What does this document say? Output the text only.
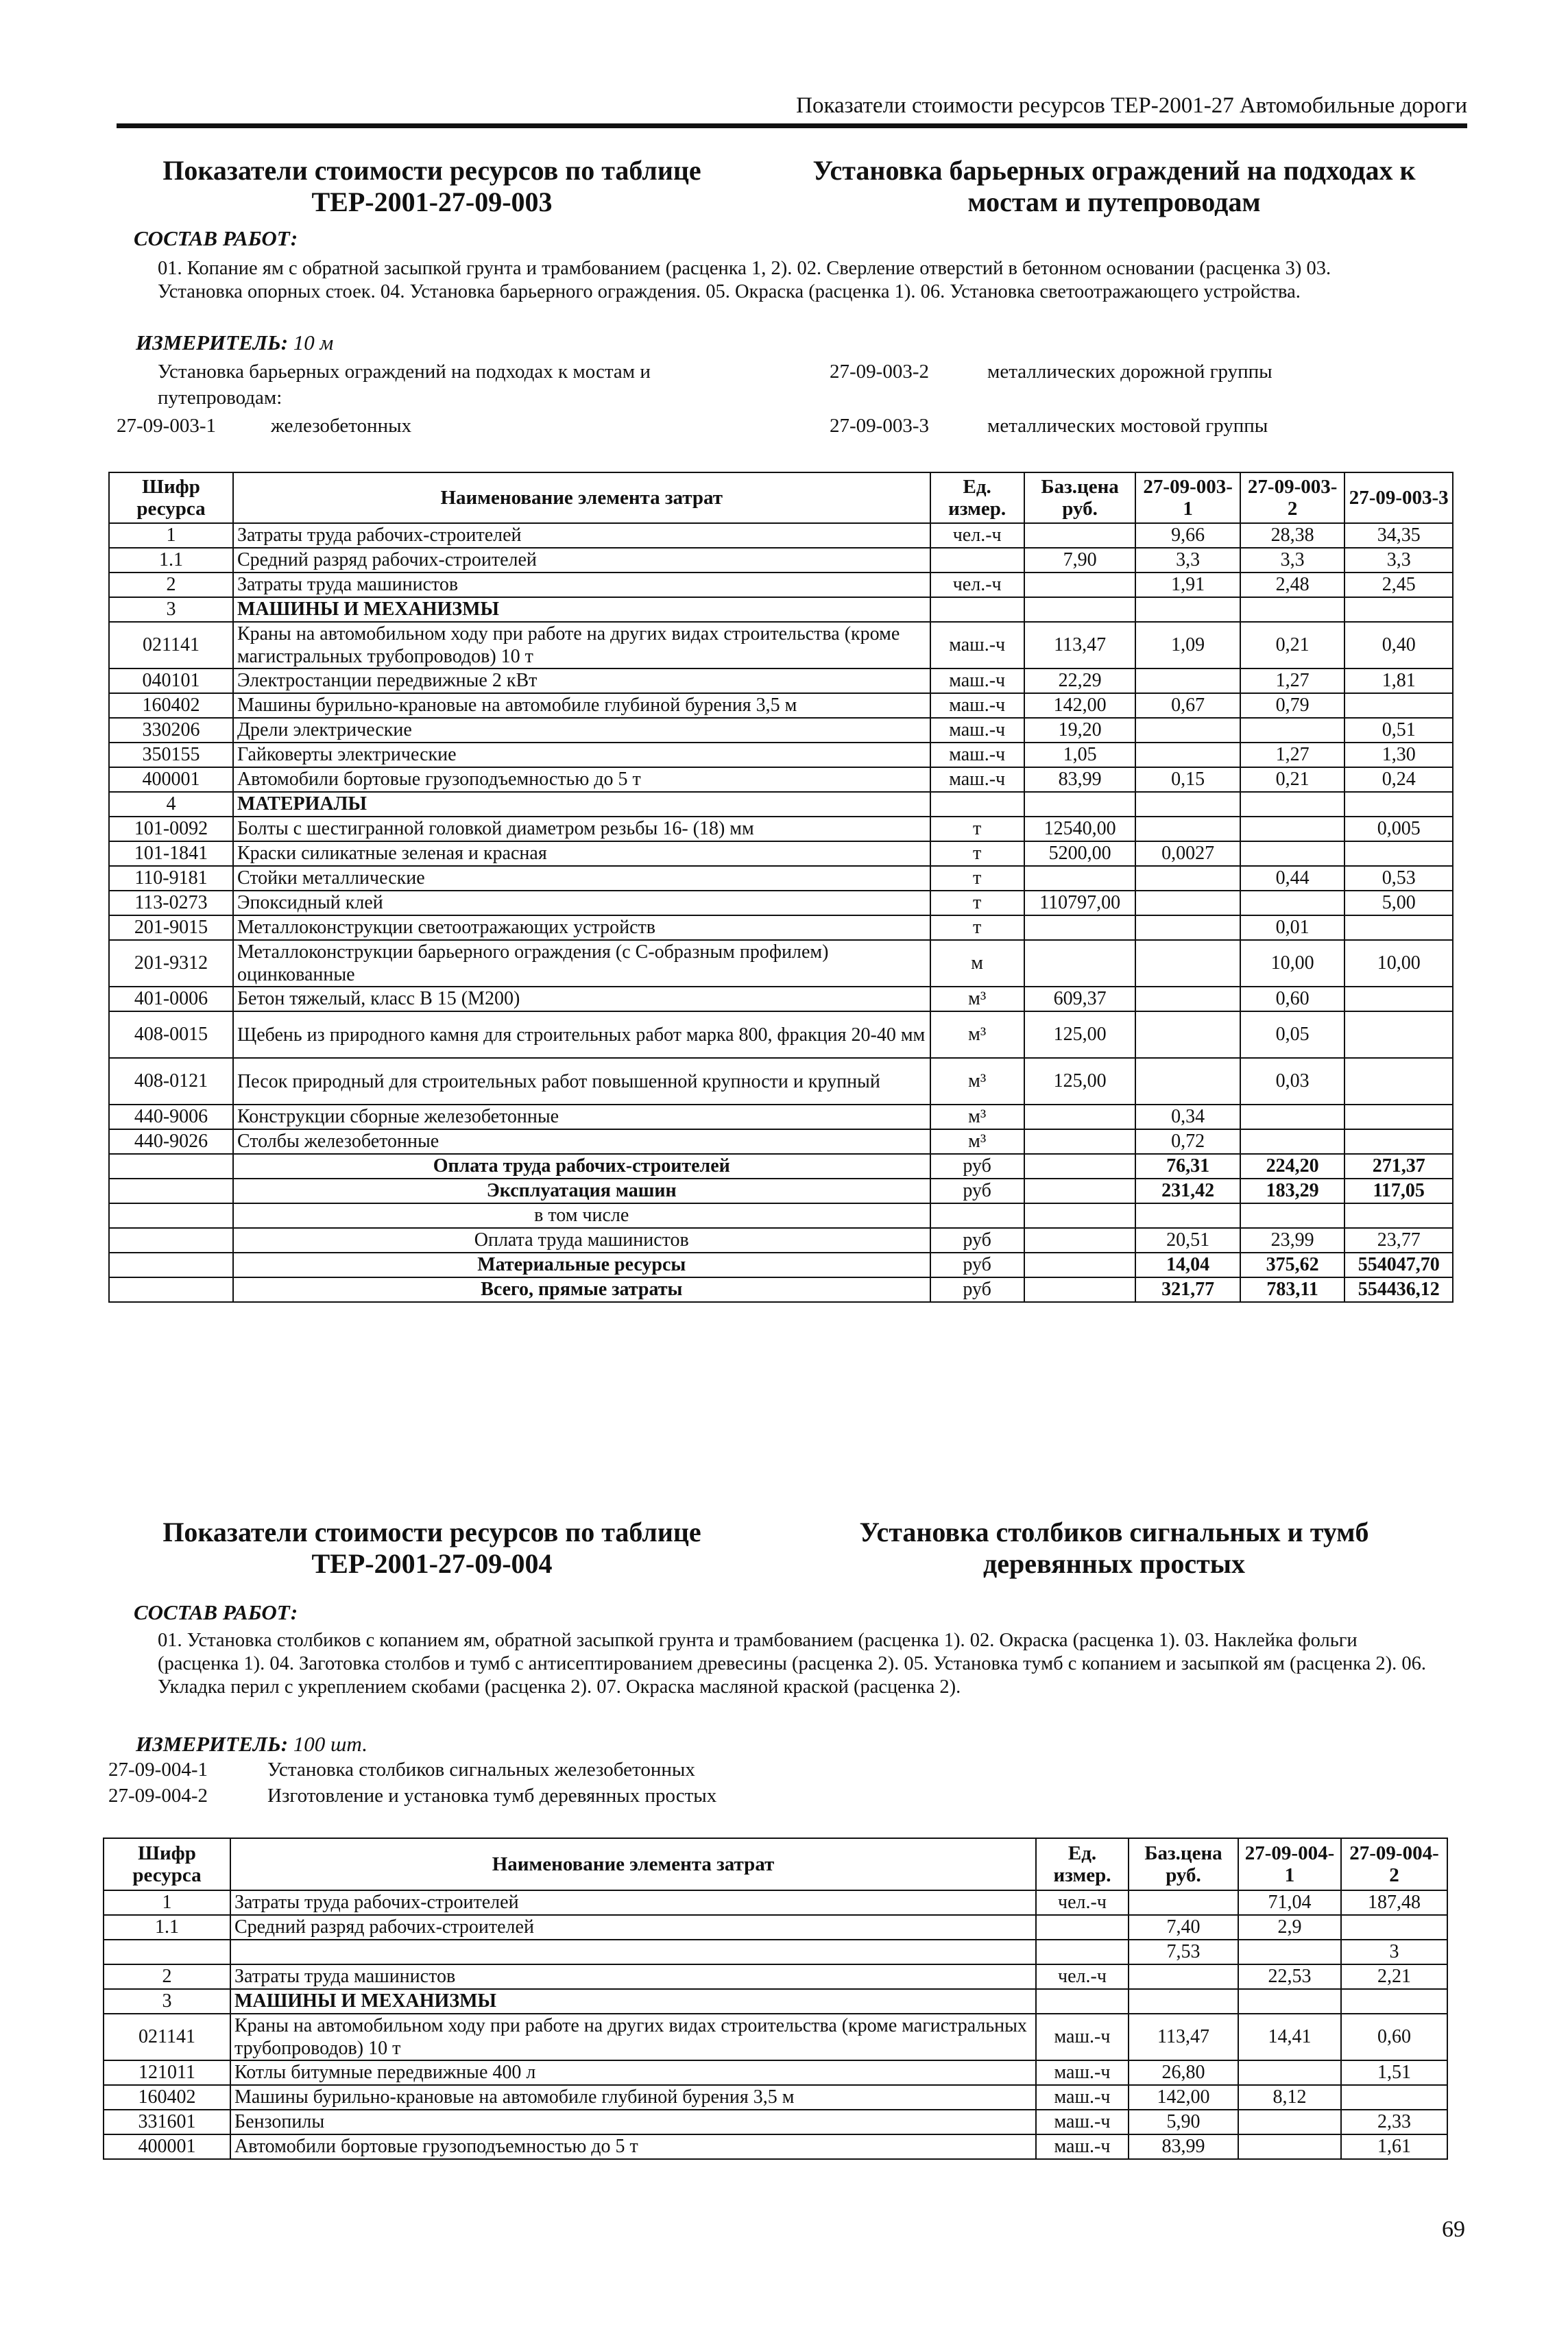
Показатели стоимости ресурсов ТЕР-2001-27 Автомобильные дороги
Показатели стоимости ресурсов по таблице
ТЕР-2001-27-09-003
Установка барьерных ограждений на подходах к
мостам и путепроводам
СОСТАВ РАБОТ:
01. Копание ям с обратной засыпкой грунта и трамбованием (расценка 1, 2). 02. Сверление отверстий в бетонном основании (расценка 3) 03. Установка опорных стоек. 04. Установка барьерного ограждения. 05. Окраска (расценка 1). 06. Установка светоотражающего устройства.
ИЗМЕРИТЕЛЬ: 10 м
Установка барьерных ограждений на подходах к мостам и
путепроводам:
27-09-003-1	железобетонных
27-09-003-2	металлических дорожной группы
27-09-003-3	металлических мостовой группы
Шифр ресурса	Наименование элемента затрат	Ед. измер.	Баз.цена руб.	27-09-003-1	27-09-003-2	27-09-003-3
1	Затраты труда рабочих-строителей	чел.-ч		9,66	28,38	34,35
1.1	Средний разряд рабочих-строителей		7,90	3,3	3,3	3,3
2	Затраты труда машинистов	чел.-ч		1,91	2,48	2,45
3	МАШИНЫ И МЕХАНИЗМЫ					
021141	Краны на автомобильном ходу при работе на других видах строительства (кроме магистральных трубопроводов) 10 т	маш.-ч	113,47	1,09	0,21	0,40
040101	Электростанции передвижные 2 кВт	маш.-ч	22,29		1,27	1,81
160402	Машины бурильно-крановые на автомобиле глубиной бурения 3,5 м	маш.-ч	142,00	0,67	0,79	
330206	Дрели электрические	маш.-ч	19,20			0,51
350155	Гайковерты электрические	маш.-ч	1,05		1,27	1,30
400001	Автомобили бортовые грузоподъемностью до 5 т	маш.-ч	83,99	0,15	0,21	0,24
4	МАТЕРИАЛЫ					
101-0092	Болты с шестигранной головкой диаметром резьбы 16- (18) мм	т	12540,00			0,005
101-1841	Краски силикатные зеленая и красная	т	5200,00	0,0027		
110-9181	Стойки металлические	т			0,44	0,53
113-0273	Эпоксидный клей	т	110797,00			5,00
201-9015	Металлоконструкции светоотражающих устройств	т			0,01	
201-9312	Металлоконструкции барьерного ограждения (с С-образным профилем) оцинкованные	м			10,00	10,00
401-0006	Бетон тяжелый, класс В 15 (М200)	м³	609,37		0,60	
408-0015	Щебень из природного камня для строительных работ марка 800, фракция 20-40 мм	м³	125,00		0,05	
408-0121	Песок природный для строительных работ повышенной крупности и крупный	м³	125,00		0,03	
440-9006	Конструкции сборные железобетонные	м³		0,34		
440-9026	Столбы железобетонные	м³		0,72		
	Оплата труда рабочих-строителей	руб		76,31	224,20	271,37
	Эксплуатация машин	руб		231,42	183,29	117,05
	в том числе					
	Оплата труда машинистов	руб		20,51	23,99	23,77
	Материальные ресурсы	руб		14,04	375,62	554047,70
	Всего, прямые затраты	руб		321,77	783,11	554436,12
Показатели стоимости ресурсов по таблице
ТЕР-2001-27-09-004
Установка столбиков сигнальных и тумб
деревянных простых
СОСТАВ РАБОТ:
01. Установка столбиков с копанием ям, обратной засыпкой грунта и трамбованием (расценка 1). 02. Окраска (расценка 1). 03. Наклейка фольги (расценка 1). 04. Заготовка столбов и тумб с антисептированием древесины (расценка 2). 05. Установка тумб с копанием и засыпкой ям (расценка 2). 06. Укладка перил с укреплением скобами (расценка 2). 07. Окраска масляной краской (расценка 2).
ИЗМЕРИТЕЛЬ: 100 шт.
27-09-004-1	Установка столбиков сигнальных железобетонных
27-09-004-2	Изготовление и установка тумб деревянных простых
Шифр ресурса	Наименование элемента затрат	Ед. измер.	Баз.цена руб.	27-09-004-1	27-09-004-2
1	Затраты труда рабочих-строителей	чел.-ч		71,04	187,48
1.1	Средний разряд рабочих-строителей		7,40	2,9	
			7,53		3
2	Затраты труда машинистов	чел.-ч		22,53	2,21
3	МАШИНЫ И МЕХАНИЗМЫ				
021141	Краны на автомобильном ходу при работе на других видах строительства (кроме магистральных трубопроводов) 10 т	маш.-ч	113,47	14,41	0,60
121011	Котлы битумные передвижные 400 л	маш.-ч	26,80		1,51
160402	Машины бурильно-крановые на автомобиле глубиной бурения 3,5 м	маш.-ч	142,00	8,12	
331601	Бензопилы	маш.-ч	5,90		2,33
400001	Автомобили бортовые грузоподъемностью до 5 т	маш.-ч	83,99		1,61
69
